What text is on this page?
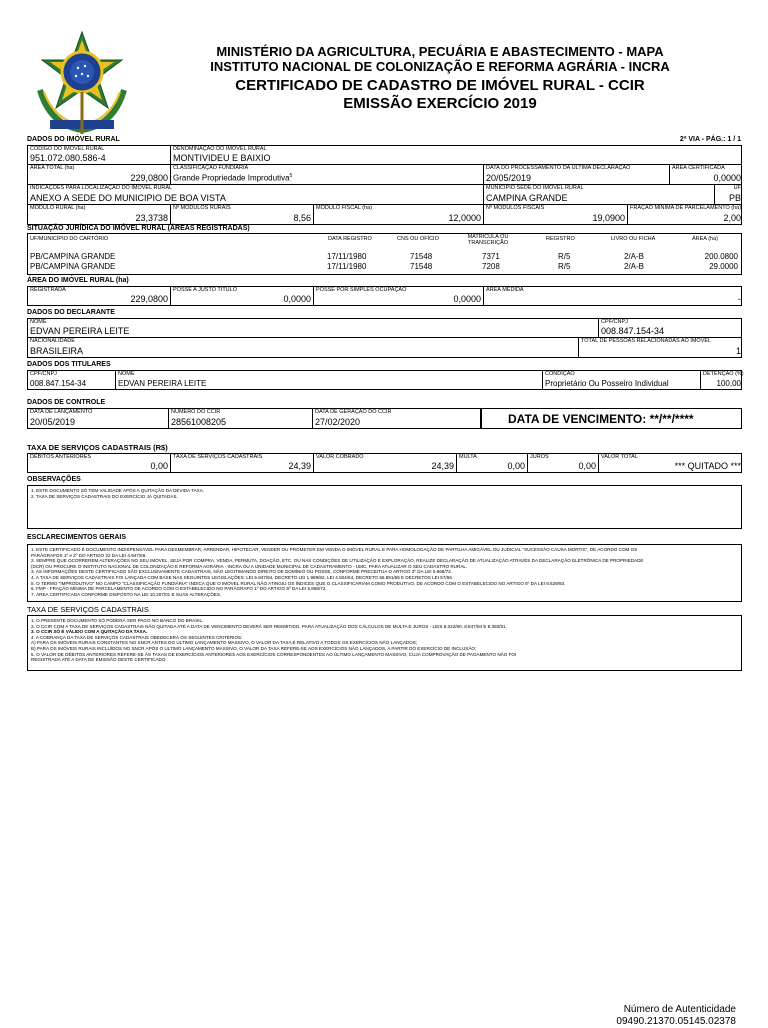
MINISTÉRIO DA AGRICULTURA, PECUÁRIA E ABASTECIMENTO - MAPA
INSTITUTO NACIONAL DE COLONIZAÇÃO E REFORMA AGRÁRIA - INCRA
CERTIFICADO DE CADASTRO DE IMÓVEL RURAL - CCIR
EMISSÃO EXERCÍCIO 2019
DADOS DO IMÓVEL RURAL	2ª VIA - PÁG.: 1 / 1
CÓDIGO DO IMÓVEL RURAL
951.072.080.586-4
DENOMINAÇÃO DO IMÓVEL RURAL
MONTIVIDEU E BAIXIO
ÁREA TOTAL (ha)
229,0800
CLASSIFICAÇÃO FUNDIÁRIA
Grande Propriedade Improdutiva$^5$
DATA DO PROCESSAMENTO DA ÚLTIMA DECLARAÇÃO
20/05/2019
ÁREA CERTIFICADA
0,0000
INDICAÇÕES PARA LOCALIZAÇÃO DO IMÓVEL RURAL
ANEXO A SEDE DO MUNICIPIO DE BOA VISTA
MUNICÍPIO SEDE DO IMÓVEL RURAL
CAMPINA GRANDE
UF
PB
MÓDULO RURAL (ha)
23,3738
Nº MÓDULOS RURAIS
8,56
MÓDULO FISCAL (ha)
12,0000
Nº MÓDULOS FISCAIS
19,0900
FRAÇÃO MÍNIMA DE PARCELAMENTO (ha)
2,00
SITUAÇÃO JURÍDICA DO IMÓVEL RURAL (ÁREAS REGISTRADAS)
UF/MUNICÍPIO DO CARTÓRIO	DATA REGISTRO	CNS OU OFÍCIO	MATRÍCULA OU TRANSCRIÇÃO
REGISTRO	LIVRO OU FICHA	ÁREA (ha)
PB/CAMPINA GRANDE	17/11/1980	71548	7371	R/5	2/A-B	200.0800
PB/CAMPINA GRANDE	17/11/1980	71548	7208	R/5	2/A-B	29.0000
ÁREA DO IMÓVEL RURAL (ha)
REGISTRADA
229,0800
POSSE A JUSTO TÍTULO
0,0000
POSSE POR SIMPLES OCUPAÇÃO
0,0000
ÁREA MEDIDA
-
DADOS DO DECLARANTE
NOME
EDVAN PEREIRA LEITE
CPF/CNPJ
008.847.154-34
NACIONALIDADE
BRASILEIRA
TOTAL DE PESSOAS RELACIONADAS AO IMÓVEL
1
DADOS DOS TITULARES
CPF/CNPJ
008.847.154-34
NOME
EDVAN PEREIRA LEITE
CONDIÇÃO
Proprietário Ou Posseiro Individual
DETENÇÃO (%)
100,00
DADOS DE CONTROLE
DATA DE LANÇAMENTO
20/05/2019
NÚMERO DO CCIR
28561008205
DATA DE GERAÇÃO DO CCIR
27/02/2020	DATA DE VENCIMENTO: **/**/****
TAXA DE SERVIÇOS CADASTRAIS (R$)
DÉBITOS ANTERIORES
0,00
TAXA DE SERVIÇOS CADASTRAIS
24,39
VALOR COBRADO
24,39
MULTA
0,00
JUROS
0,00
VALOR TOTAL
*** QUITADO ***
OBSERVAÇÕES
1. ESTE DOCUMENTO SÓ TEM VALIDADE APÓS A QUITAÇÃO DA DEVIDA TAXA.
2. TAXA DE SERVIÇOS CADASTRAIS DO EXERCÍCIO JÁ QUITADAS.
ESCLARECIMENTOS GERAIS
1. ESTE CERTIFICADO É DOCUMENTO INDISPENSÁVEL PARA DESMEMBRAR, ARRENDAR, HIPOTECAR, VENDER OU PROMETER EM VENDA O IMÓVEL RURAL E PARA HOMOLOGAÇÃO DE PARTILHA AMIGÁVEL OU JUDICIAL "SUCESSÃO CAUSA MORTIS", DE ACORDO COM OS
PARÁGRAFOS 1º e 2º DO ARTIGO 22 DA LEI 4.947/66.
2. SEMPRE QUE OCORREREM ALTERAÇÕES NO SEU IMÓVEL, SEJA POR COMPRA, VENDA, PERMUTA, DOAÇÃO, ETC. OU NAS CONDIÇÕES DE UTILIZAÇÃO E EXPLORAÇÃO, REALIZE DECLARAÇÃO DE ATUALIZAÇÃO ATRAVÉS DA DECLARAÇÃO ELETRÔNICA DE PROPRIEDADE
(DCR) OU PROCURE O INSTITUTO NACIONAL DE COLONIZAÇÃO E REFORMA AGRÁRIA - INCRA OU A UNIDADE MUNICIPAL DE CADASTRAMENTO - UMC, PARA ATUALIZAR O SEU CADASTRO RURAL.
3. AS INFORMAÇÕES DESTE CERTIFICADO SÃO EXCLUSIVAMENTE CADASTRAIS, NÃO LEGITIMANDO DIREITO DE DOMÍNIO OU POSSE, CONFORME PRECEITUA O ARTIGO 3º DA LEI 5.868/72.
4. A TAXA DE SERVIÇOS CADASTRAIS FOI LANÇADA COM BASE NAS SEGUINTES LEGISLAÇÕES: LEI 5.847/94, DECRETO LEI 1.989/82, LEI 4.504/64, DECRETO 55.891/65 E DECRETOS LEI 57/66.
5. O TERMO "IMPRODUTIVO" NO CAMPO "CLASSIFICAÇÃO FUNDIÁRIA" INDICA QUE O IMÓVEL RURAL NÃO ATINGIU OS ÍNDICES QUE O CLASSIFICARIAM COMO PRODUTIVO, DE ACORDO COM O ESTABELECIDO NO ARTIGO 6º DA LEI 8.629/93.
6. FMP - FRAÇÃO MÍNIMA DE PARCELAMENTO DE ACORDO COM O ESTABELECIDO NO PARÁGRAFO 1º DO ARTIGO 8º DA LEI 5.868/72.
7. ÁREA CERTIFICADA CONFORME DISPOSTO NA LEI 10.267/01 E SUAS ALTERAÇÕES.
TAXA DE SERVIÇOS CADASTRAIS
1. O PRESENTE DOCUMENTO SÓ PODERÁ SER PAGO NO BANCO DO BRASIL.
2. O CCIR COM A TAXA DE SERVIÇOS CADASTRAIS NÃO QUITADA ATÉ A DATA DE VENCIMENTO DEVERÁ SER REEMITIDO, PARA ATUALIZAÇÃO DOS CÁLCULOS DE MULTA E JUROS - LEIS 8.022/90, 8.847/94 E 8.383/91.
3. O CCIR SÓ É VÁLIDO COM A QUITAÇÃO DA TAXA.
4. A COBRANÇA DA TAXA DE SERVIÇOS CADASTRAIS OBEDECERÁ OS SEGUINTES CRITÉRIOS:
A) PARA OS IMÓVEIS RURAIS CONSTANTES NO SNCR ANTES DO ÚLTIMO LANÇAMENTO MASSIVO, O VALOR DA TAXA É RELATIVO A TODOS OS EXERCÍCIOS NÃO LANÇADOS;
B) PARA OS IMÓVEIS RURAIS INCLUÍDOS NO SNCR APÓS O ÚLTIMO LANÇAMENTO MASSIVO, O VALOR DA TAXA REFERE-SE AOS EXERCÍCIOS NÃO LANÇADOS, A PARTIR DO EXERCÍCIO DE INCLUSÃO;
5. O VALOR DE DÉBITOS ANTERIORES REFERE-SE ÀS TAXAS DE EXERCÍCIOS ANTERIORES AOS EXERCÍCIOS CORRESPONDENTES AO ÚLTIMO LANÇAMENTO MASSIVO, CUJA COMPROVAÇÃO DE PAGAMENTO NÃO FOI
REGISTRADA ATÉ A DATA DE EMISSÃO DESTE CERTIFICADO.
Número de Autenticidade
09490.21370.05145.02378
